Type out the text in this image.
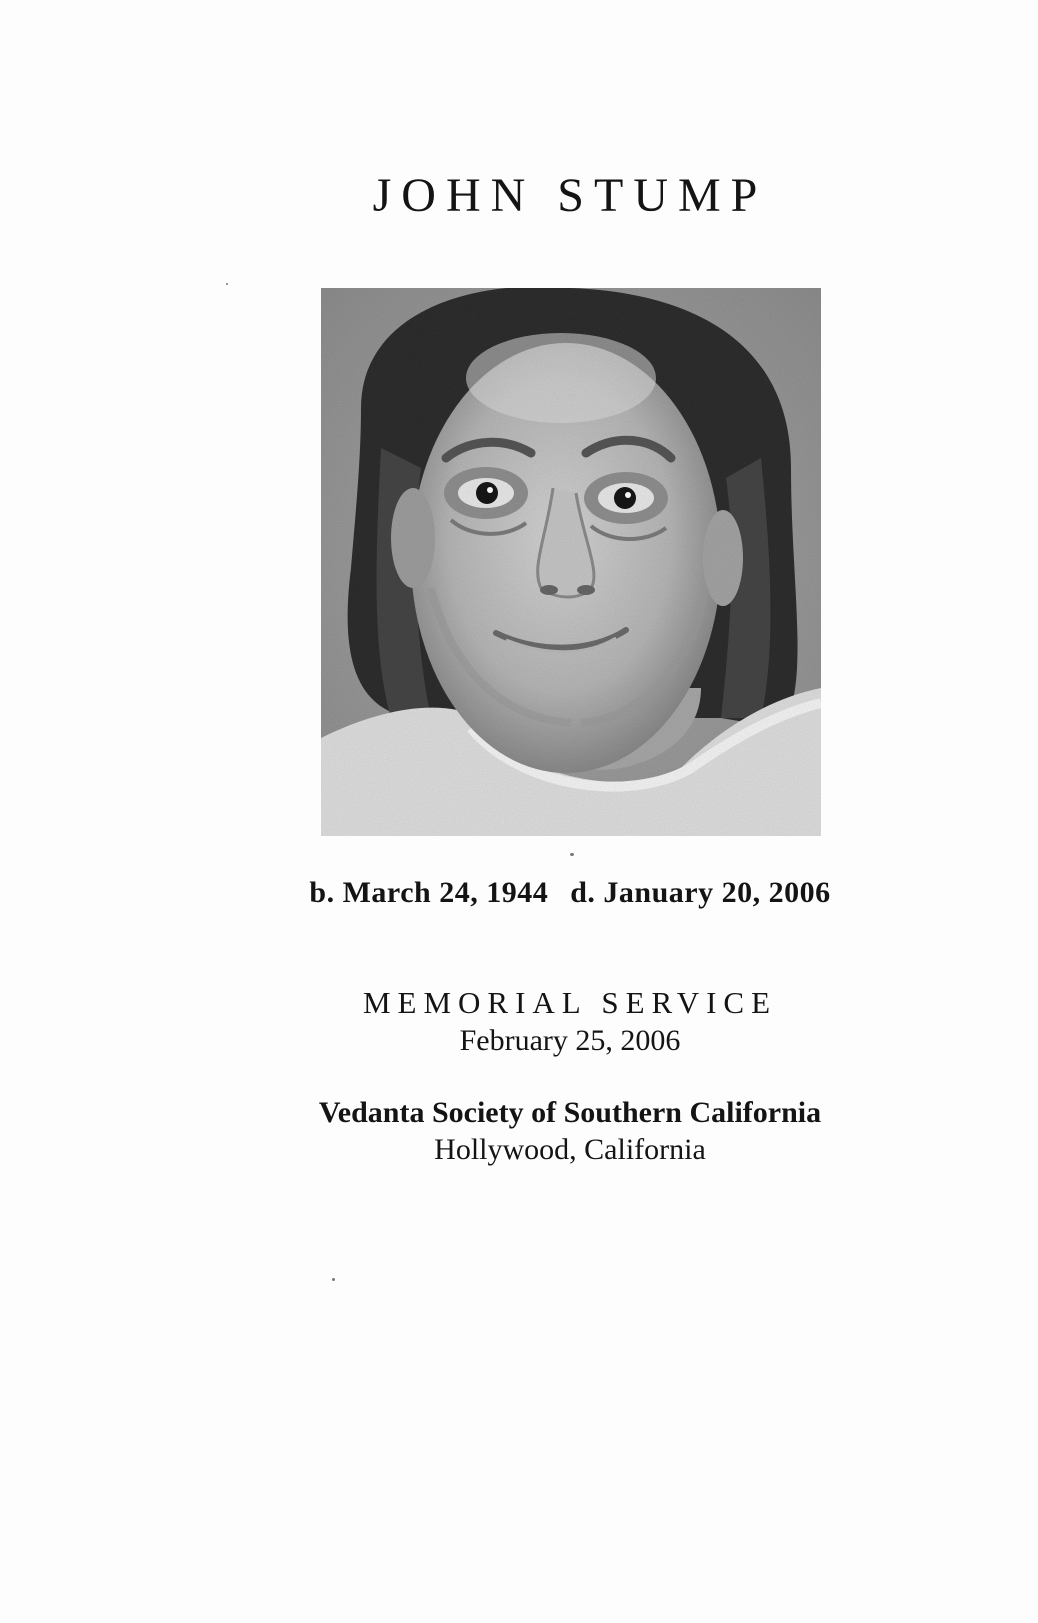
JOHN STUMP
b. March 24, 1944 d. January 20, 2006
MEMORIAL SERVICE
February 25, 2006
Vedanta Society of Southern California
Hollywood, California
